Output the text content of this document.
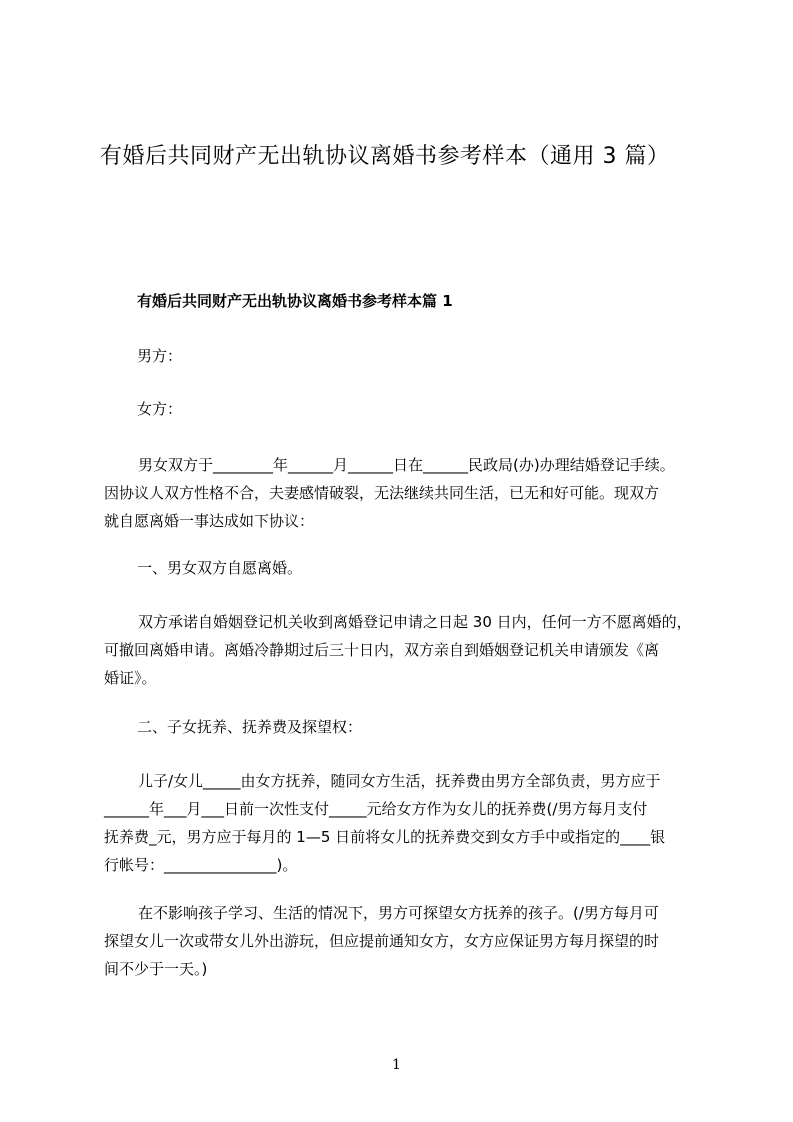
有婚后共同财产无出轨协议离婚书参考样本（通用 3 篇）
有婚后共同财产无出轨协议离婚书参考样本篇 1
男方：
女方：
男女双方于________年______月______日在______民政局(办)办理结婚登记手续。
因协议人双方性格不合，夫妻感情破裂，无法继续共同生活，已无和好可能。现双方
就自愿离婚一事达成如下协议：
一、男女双方自愿离婚。
双方承诺自婚姻登记机关收到离婚登记申请之日起 30 日内，任何一方不愿离婚的，
可撤回离婚申请。离婚冷静期过后三十日内，双方亲自到婚姻登记机关申请颁发《离
婚证》。
二、子女抚养、抚养费及探望权：
儿子/女儿_____由女方抚养，随同女方生活，抚养费由男方全部负责，男方应于
______年___月___日前一次性支付_____元给女方作为女儿的抚养费(/男方每月支付
抚养费_元，男方应于每月的 1—5 日前将女儿的抚养费交到女方手中或指定的____银
行帐号：_______________)。
在不影响孩子学习、生活的情况下，男方可探望女方抚养的孩子。(/男方每月可
探望女儿一次或带女儿外出游玩，但应提前通知女方，女方应保证男方每月探望的时
间不少于一天。)
1
